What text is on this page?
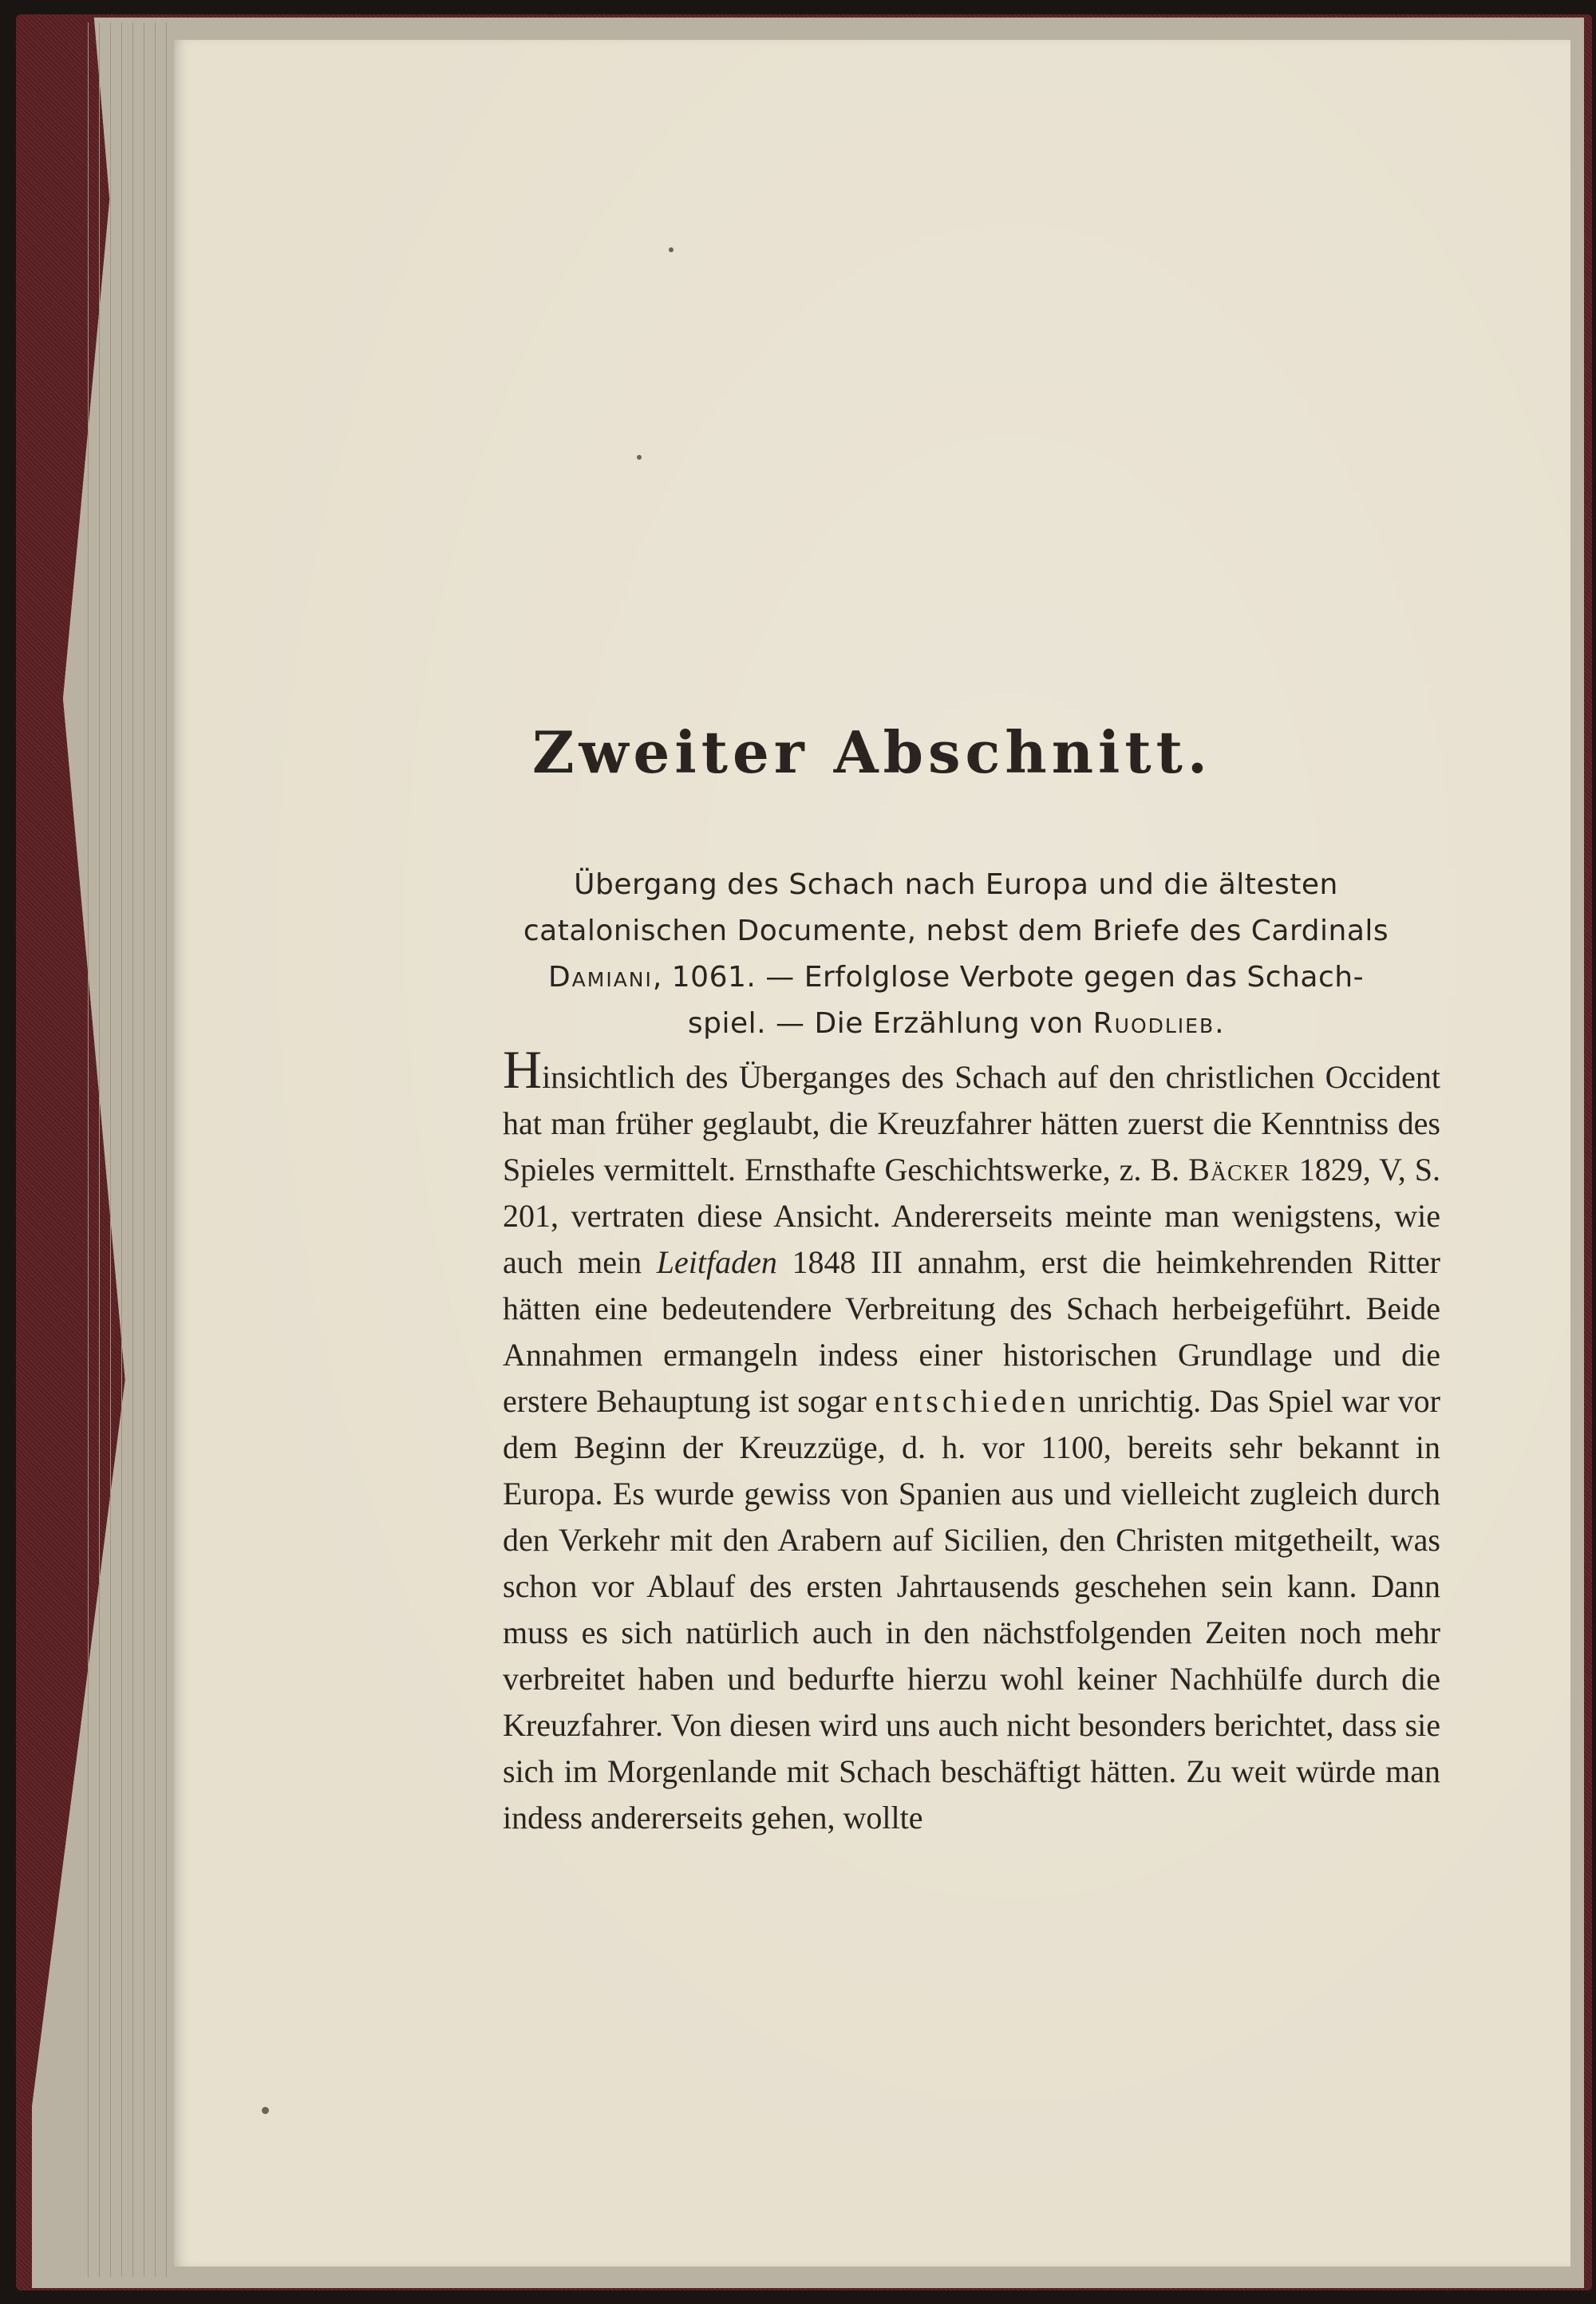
Zweiter Abschnitt.

Übergang des Schach nach Europa und die ältesten
catalonischen Documente, nebst dem Briefe des Cardinals
Damiani, 1061. — Erfolglose Verbote gegen das Schach-
spiel. — Die Erzählung von Ruodlieb.

Hinsichtlich des Überganges des Schach auf den christlichen Occident hat man früher geglaubt, die Kreuzfahrer hätten zuerst die Kenntniss des Spieles vermittelt. Ernsthafte Geschichtswerke, z. B. Bäcker 1829, V, S. 201, vertraten diese Ansicht. Andererseits meinte man wenigstens, wie auch mein Leitfaden 1848 III annahm, erst die heimkehrenden Ritter hätten eine bedeutendere Verbreitung des Schach herbeigeführt. Beide Annahmen ermangeln indess einer historischen Grundlage und die erstere Behauptung ist sogar entschieden unrichtig. Das Spiel war vor dem Beginn der Kreuzzüge, d. h. vor 1100, bereits sehr bekannt in Europa. Es wurde gewiss von Spanien aus und vielleicht zugleich durch den Verkehr mit den Arabern auf Sicilien, den Christen mitgetheilt, was schon vor Ablauf des ersten Jahrtausends geschehen sein kann. Dann muss es sich natürlich auch in den nächstfolgenden Zeiten noch mehr verbreitet haben und bedurfte hierzu wohl keiner Nachhülfe durch die Kreuzfahrer. Von diesen wird uns auch nicht besonders berichtet, dass sie sich im Morgenlande mit Schach beschäftigt hätten. Zu weit würde man indess andererseits gehen, wollte
